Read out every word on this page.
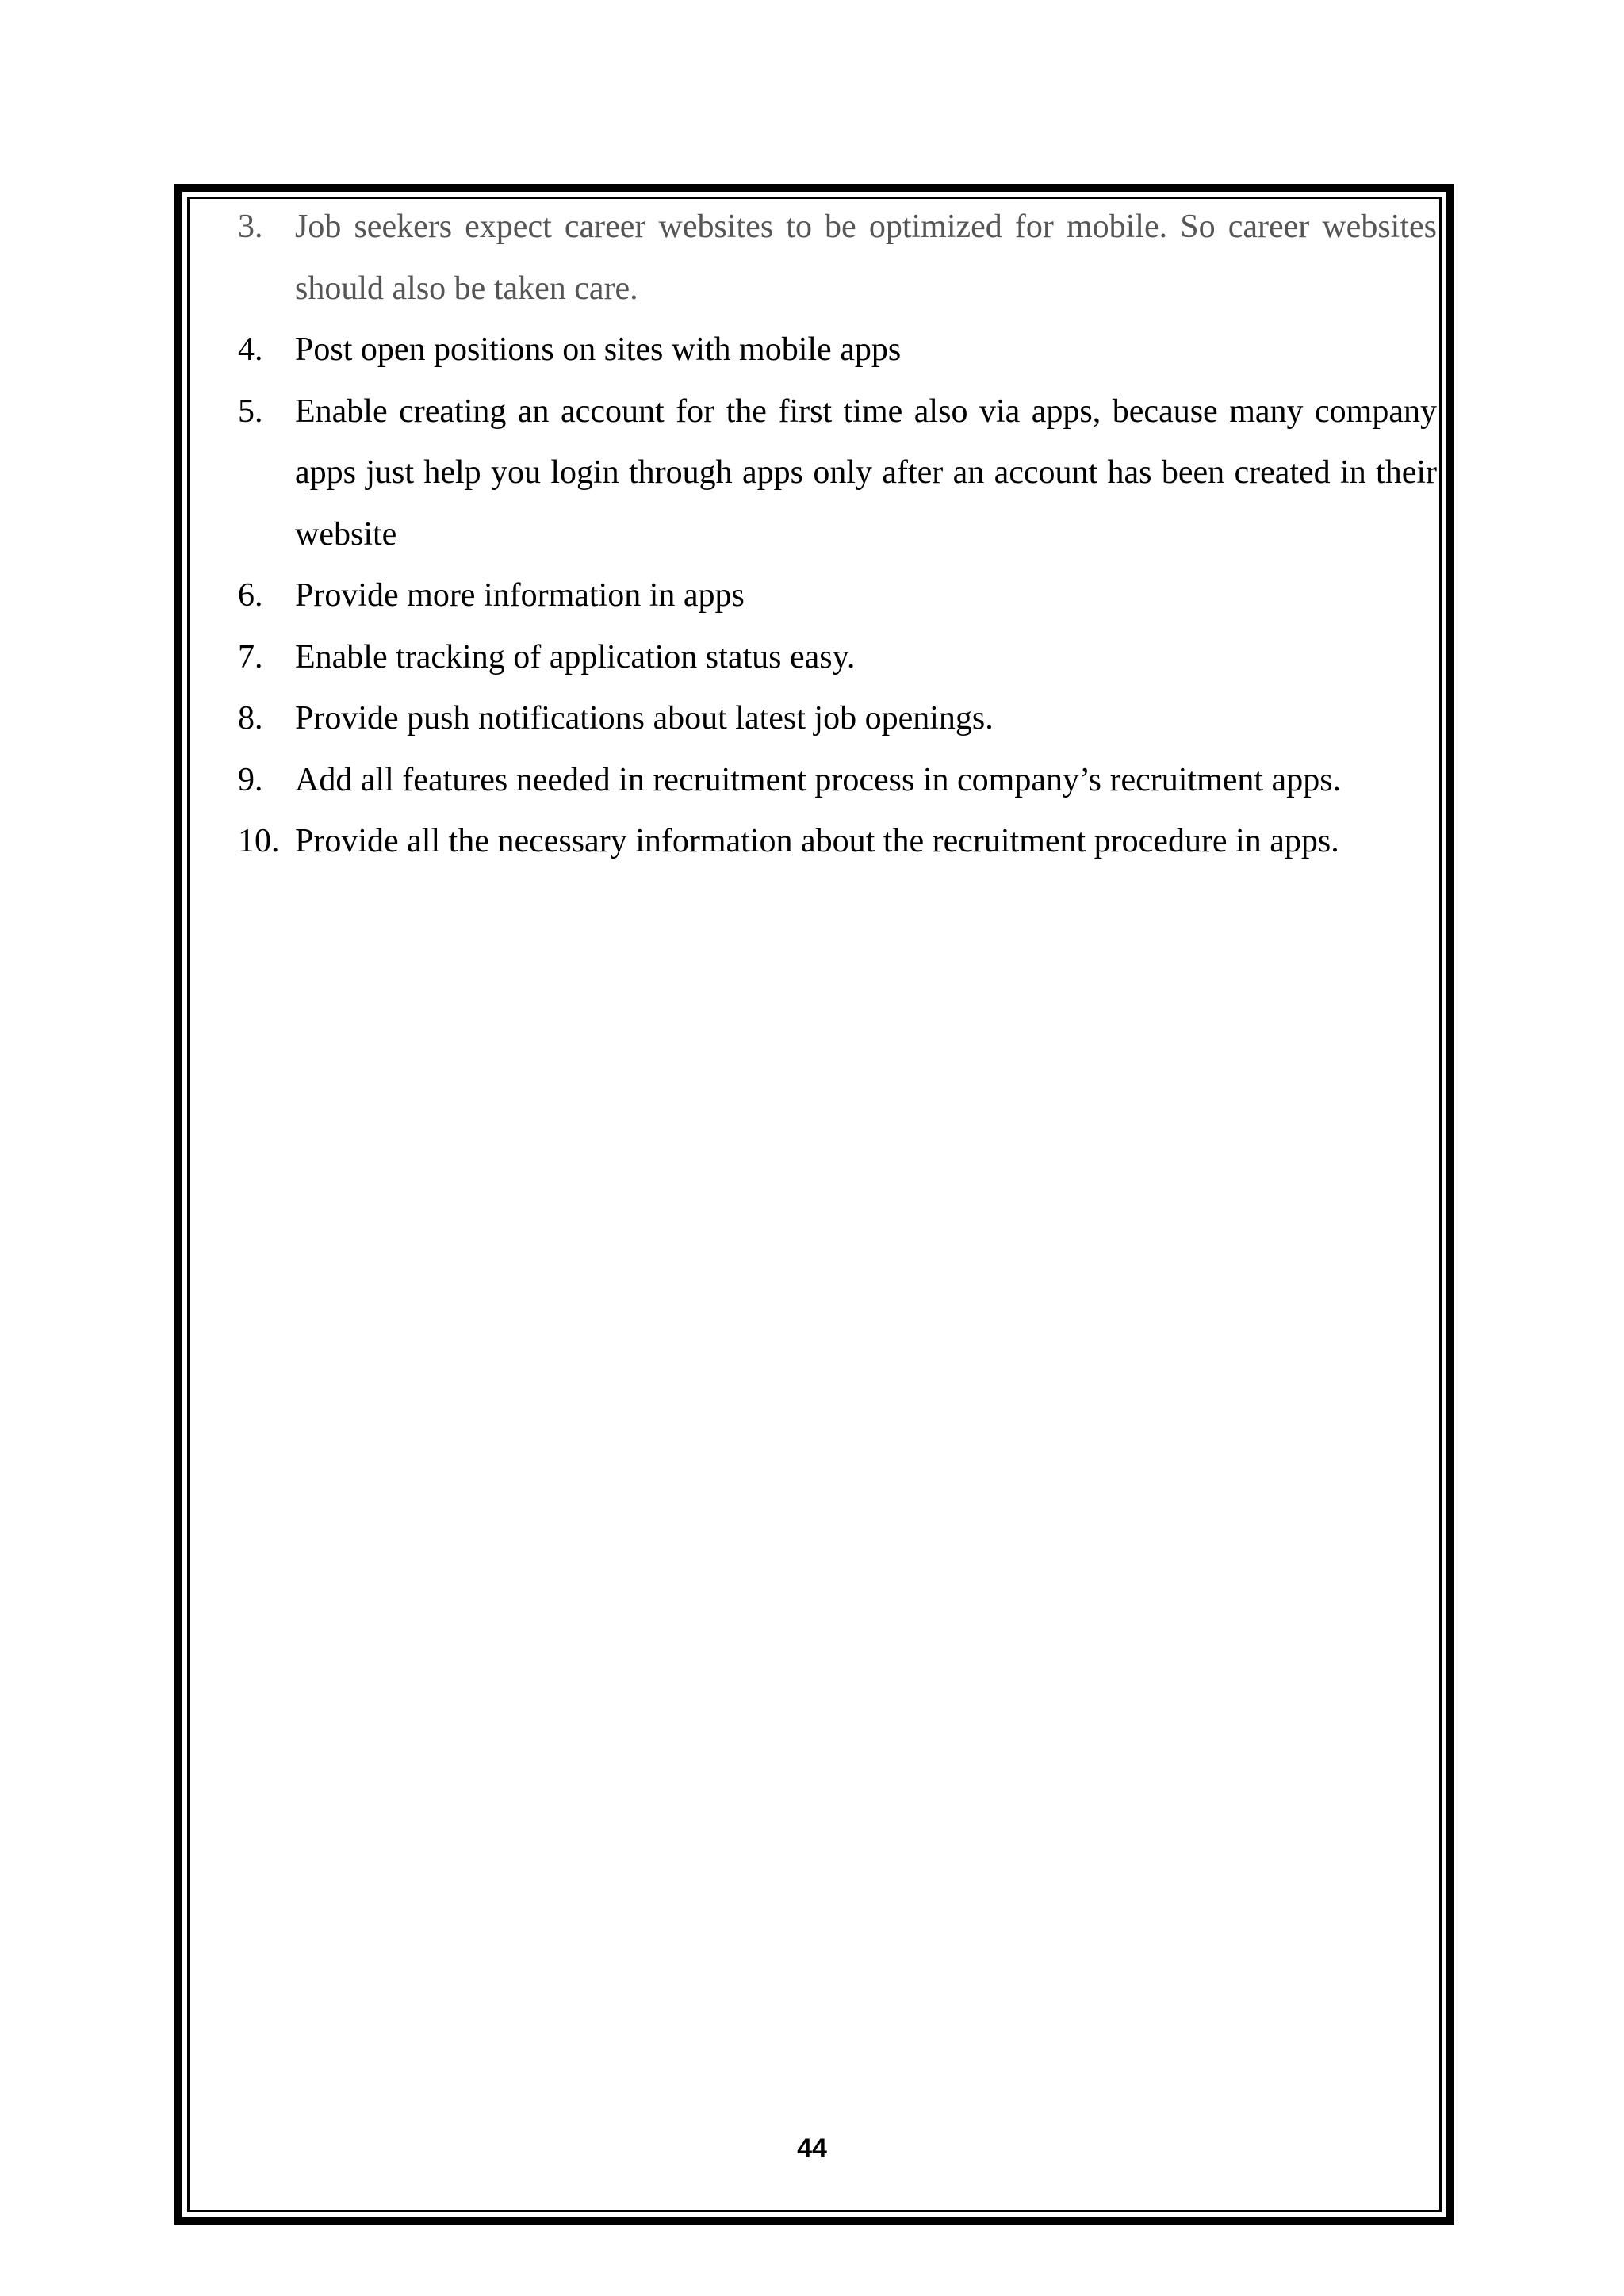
3. Job seekers expect career websites to be optimized for mobile. So career websites should also be taken care.
4. Post open positions on sites with mobile apps
5. Enable creating an account for the first time also via apps, because many company apps just help you login through apps only after an account has been created in their website
6. Provide more information in apps
7. Enable tracking of application status easy.
8. Provide push notifications about latest job openings.
9. Add all features needed in recruitment process in company’s recruitment apps.
10. Provide all the necessary information about the recruitment procedure in apps.
44
